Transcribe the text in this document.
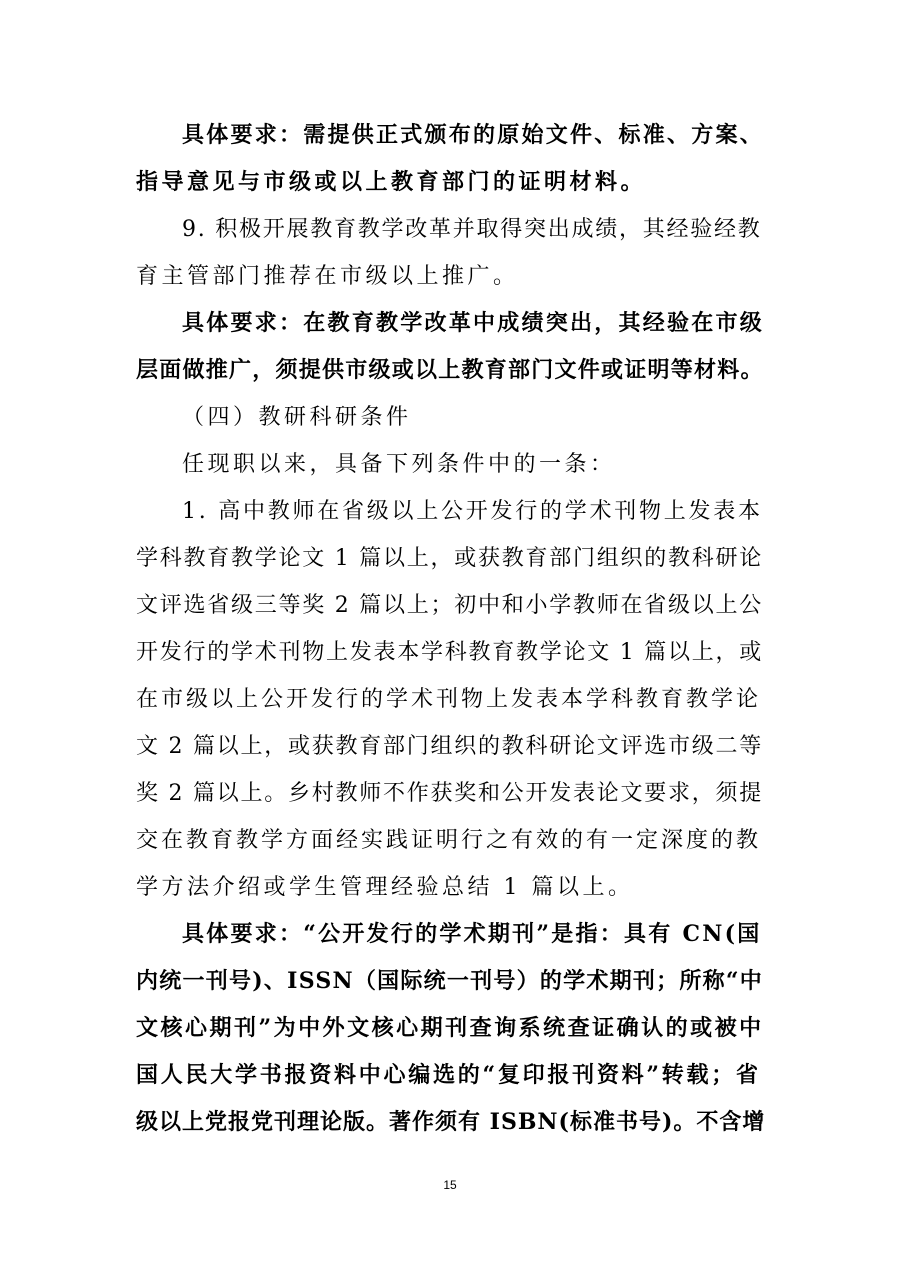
具体要求：需提供正式颁布的原始文件、标准、方案、
指导意见与市级或以上教育部门的证明材料。
9. 积极开展教育教学改革并取得突出成绩，其经验经教
育主管部门推荐在市级以上推广。
具体要求：在教育教学改革中成绩突出，其经验在市级
层面做推广，须提供市级或以上教育部门文件或证明等材料。
（四）教研科研条件
任现职以来，具备下列条件中的一条：
1. 高中教师在省级以上公开发行的学术刊物上发表本
学科教育教学论文 1 篇以上，或获教育部门组织的教科研论
文评选省级三等奖 2 篇以上；初中和小学教师在省级以上公
开发行的学术刊物上发表本学科教育教学论文 1 篇以上，或
在市级以上公开发行的学术刊物上发表本学科教育教学论
文 2 篇以上，或获教育部门组织的教科研论文评选市级二等
奖 2 篇以上。乡村教师不作获奖和公开发表论文要求，须提
交在教育教学方面经实践证明行之有效的有一定深度的教
学方法介绍或学生管理经验总结 1 篇以上。
具体要求：“公开发行的学术期刊”是指：具有 CN(国
内统一刊号)、ISSN（国际统一刊号）的学术期刊；所称“中
文核心期刊”为中外文核心期刊查询系统查证确认的或被中
国人民大学书报资料中心编选的“复印报刊资料”转载；省
级以上党报党刊理论版。著作须有 ISBN(标准书号)。不含增
15
